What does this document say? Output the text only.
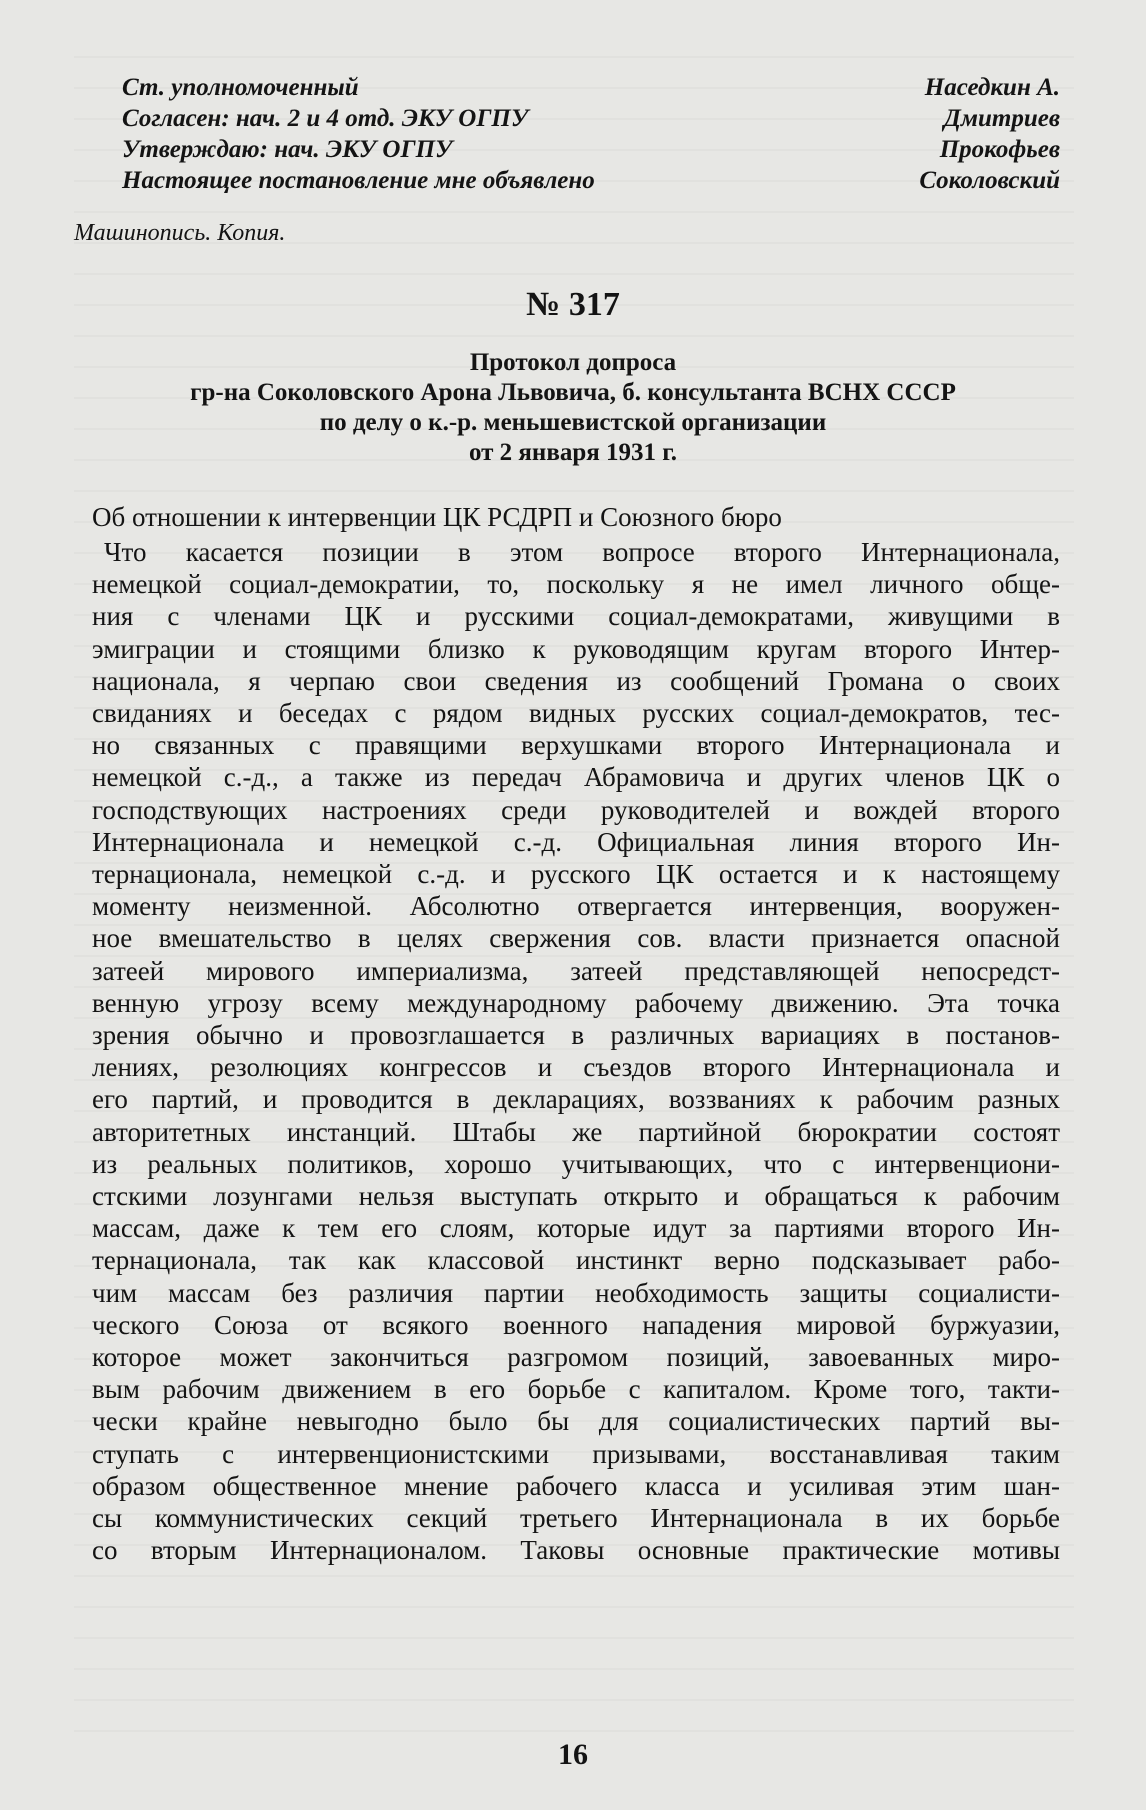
Ст. уполномоченный	Наседкин А.
Согласен: нач. 2 и 4 отд. ЭКУ ОГПУ	Дмитриев
Утверждаю: нач. ЭКУ ОГПУ	Прокофьев
Настоящее постановление мне объявлено	Соколовский
Машинопись. Копия.
№ 317
Протокол допроса
гр-на Соколовского Арона Львовича, б. консультанта ВСНХ СССР
по делу о к.-р. меньшевистской организации
от 2 января 1931 г.
Об отношении к интервенции ЦК РСДРП и Союзного бюро
Что касается позиции в этом вопросе второго Интернационала,
немецкой социал-демократии, то, поскольку я не имел личного обще-
ния с членами ЦК и русскими социал-демократами, живущими в
эмиграции и стоящими близко к руководящим кругам второго Интер-
национала, я черпаю свои сведения из сообщений Громана о своих
свиданиях и беседах с рядом видных русских социал-демократов, тес-
но связанных с правящими верхушками второго Интернационала и
немецкой с.-д., а также из передач Абрамовича и других членов ЦК о
господствующих настроениях среди руководителей и вождей второго
Интернационала и немецкой с.-д. Официальная линия второго Ин-
тернационала, немецкой с.-д. и русского ЦК остается и к настоящему
моменту неизменной. Абсолютно отвергается интервенция, вооружен-
ное вмешательство в целях свержения сов. власти признается опасной
затеей мирового империализма, затеей представляющей непосредст-
венную угрозу всему международному рабочему движению. Эта точка
зрения обычно и провозглашается в различных вариациях в постанов-
лениях, резолюциях конгрессов и съездов второго Интернационала и
его партий, и проводится в декларациях, воззваниях к рабочим разных
авторитетных инстанций. Штабы же партийной бюрократии состоят
из реальных политиков, хорошо учитывающих, что с интервенциони-
стскими лозунгами нельзя выступать открыто и обращаться к рабочим
массам, даже к тем его слоям, которые идут за партиями второго Ин-
тернационала, так как классовой инстинкт верно подсказывает рабо-
чим массам без различия партии необходимость защиты социалисти-
ческого Союза от всякого военного нападения мировой буржуазии,
которое может закончиться разгромом позиций, завоеванных миро-
вым рабочим движением в его борьбе с капиталом. Кроме того, такти-
чески крайне невыгодно было бы для социалистических партий вы-
ступать с интервенционистскими призывами, восстанавливая таким
образом общественное мнение рабочего класса и усиливая этим шан-
сы коммунистических секций третьего Интернационала в их борьбе
со вторым Интернационалом. Таковы основные практические мотивы
16
